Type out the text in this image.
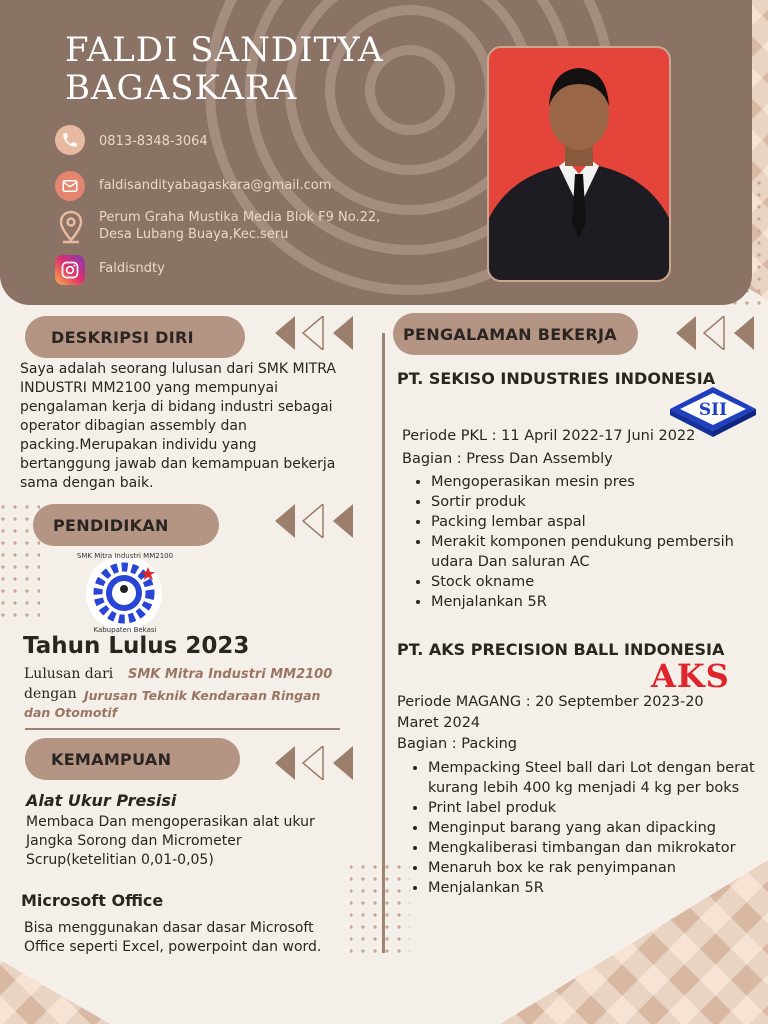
FALDI SANDITYA
BAGASKARA
0813-8348-3064
faldisandityabagaskara@gmail.com
Perum Graha Mustika Media Blok F9 No.22,
Desa Lubang Buaya,Kec.seru
Faldisndty
DESKRIPSI DIRI
Saya adalah seorang lulusan dari SMK MITRA INDUSTRI MM2100 yang mempunyai pengalaman kerja di bidang industri sebagai operator dibagian assembly dan packing.Merupakan individu yang bertanggung jawab dan kemampuan bekerja sama dengan baik.
PENDIDIKAN
SMK Mitra Industri MM2100
Kabupaten Bekasi
Tahun Lulus 2023
Lulusan dari SMK Mitra Industri MM2100
dengan Jurusan Teknik Kendaraan Ringan
dan Otomotif
KEMAMPUAN
Alat Ukur Presisi
Membaca Dan mengoperasikan alat ukur Jangka Sorong dan Micrometer Scrup(ketelitian 0,01-0,05)
Microsoft Office
Bisa menggunakan dasar dasar Microsoft Office seperti Excel, powerpoint dan word.
PENGALAMAN BEKERJA
PT. SEKISO INDUSTRIES INDONESIA
SII
Periode PKL : 11 April 2022-17 Juni 2022
Bagian : Press Dan Assembly
• Mengoperasikan mesin pres
• Sortir produk
• Packing lembar aspal
• Merakit komponen pendukung pembersih udara Dan saluran AC
• Stock okname
• Menjalankan 5R
PT. AKS PRECISION BALL INDONESIA
AKS
Periode MAGANG : 20 September 2023-20
Maret 2024
Bagian : Packing
• Mempacking Steel ball dari Lot dengan berat kurang lebih 400 kg menjadi 4 kg per boks
• Print label produk
• Menginput barang yang akan dipacking
• Mengkaliberasi timbangan dan mikrokator
• Menaruh box ke rak penyimpanan
• Menjalankan 5R
